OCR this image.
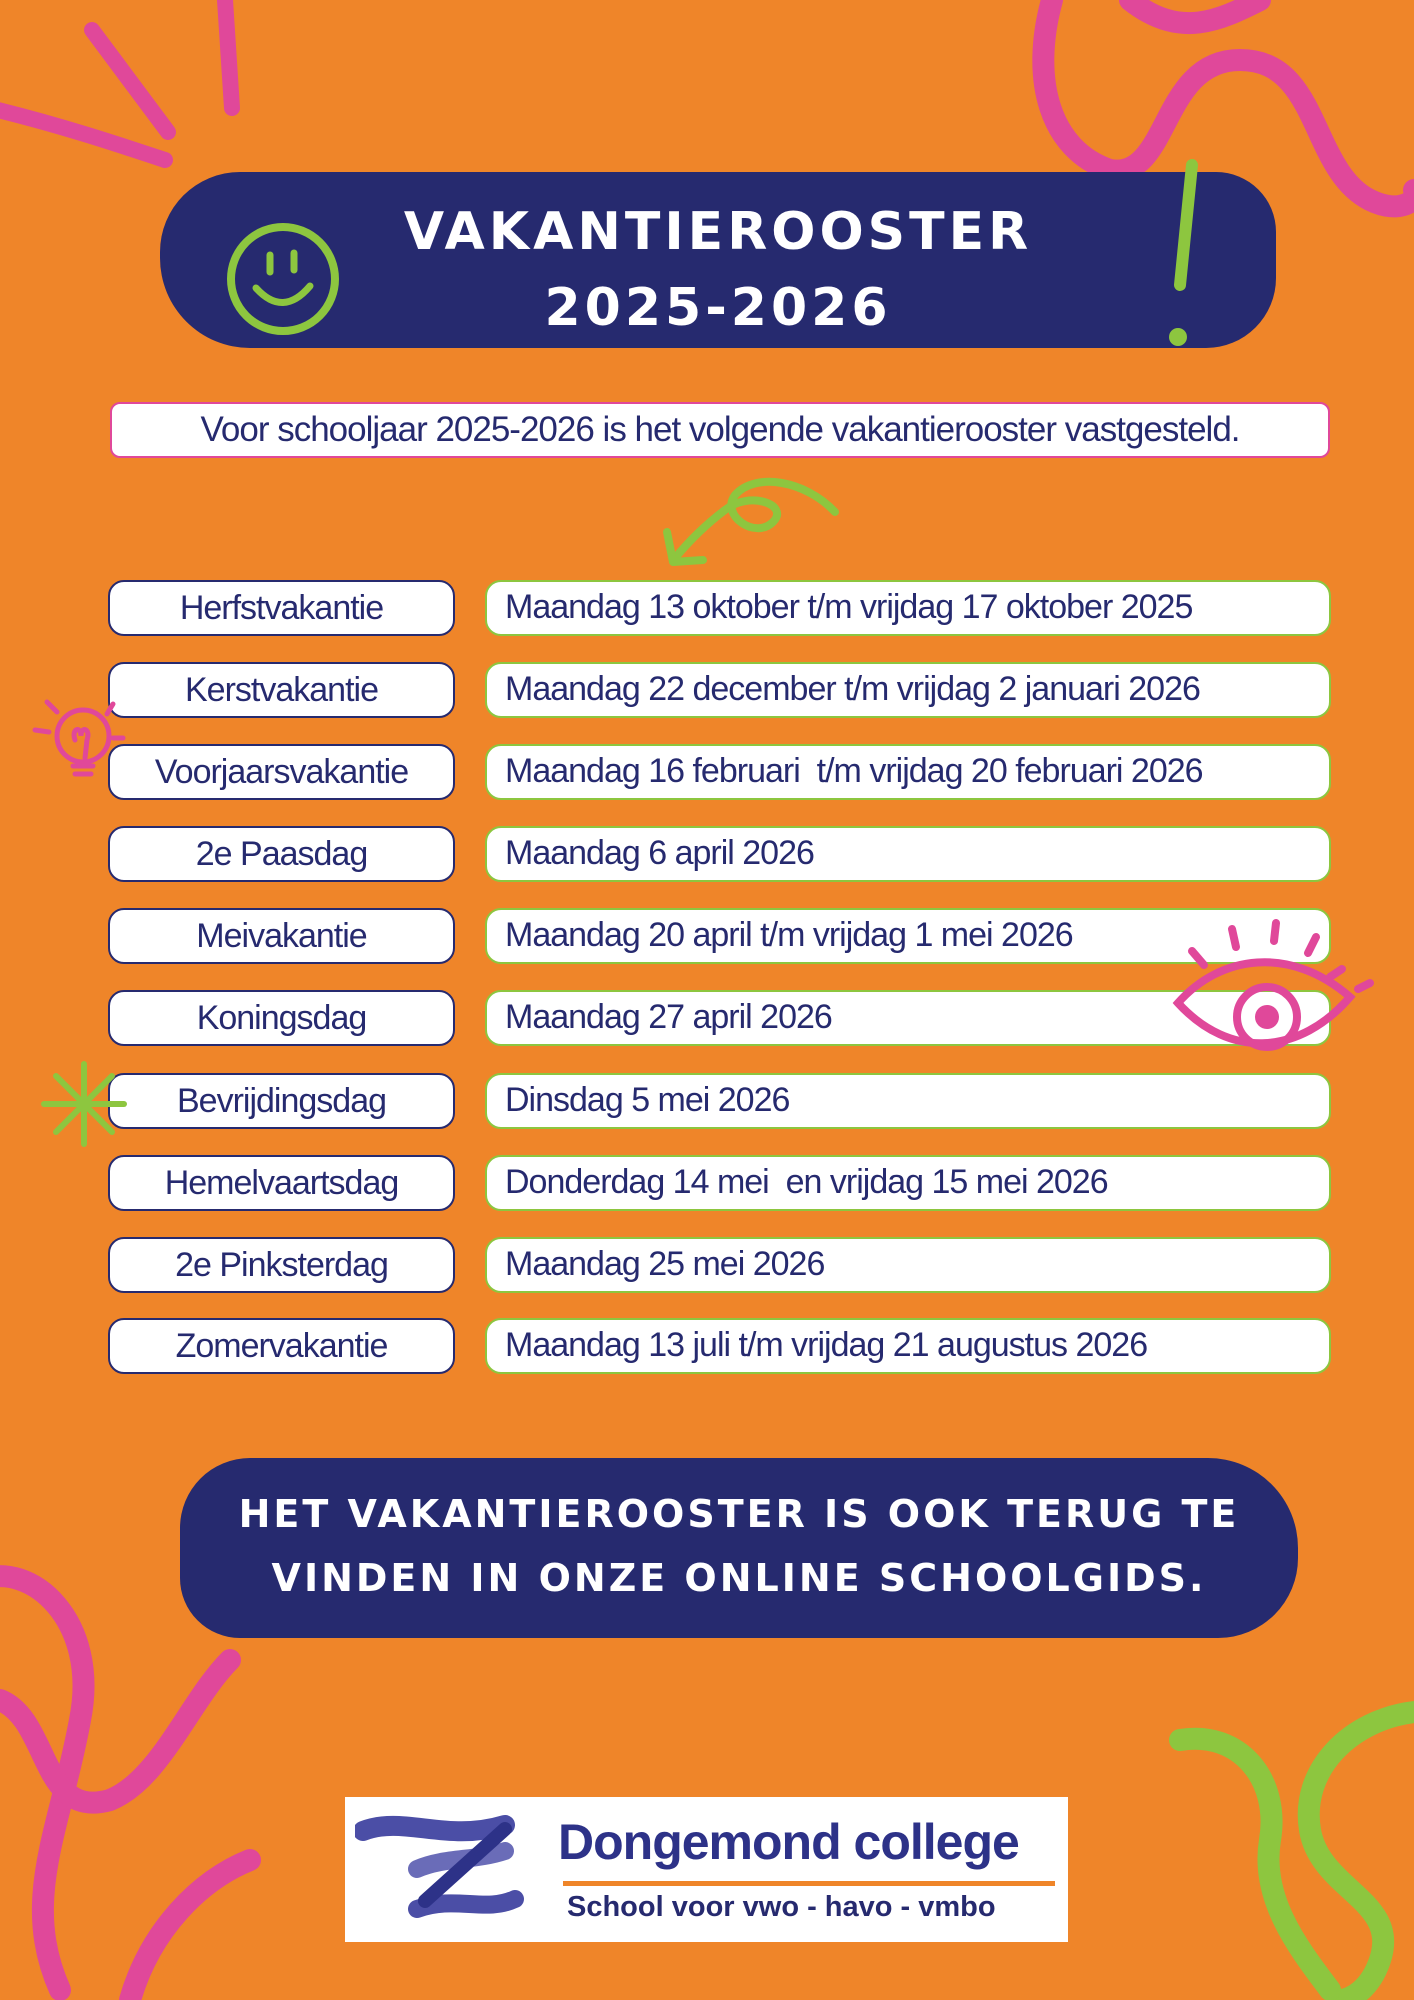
VAKANTIEROOSTER
2025-2026
Voor schooljaar 2025-2026 is het volgende vakantierooster vastgesteld.
Herfstvakantie	Maandag 13 oktober t/m vrijdag 17 oktober 2025
Kerstvakantie	Maandag 22 december t/m vrijdag 2 januari 2026
Voorjaarsvakantie	Maandag 16 februari  t/m vrijdag 20 februari 2026
2e Paasdag	Maandag 6 april 2026
Meivakantie	Maandag 20 april t/m vrijdag 1 mei 2026
Koningsdag	Maandag 27 april 2026
Bevrijdingsdag	Dinsdag 5 mei 2026
Hemelvaartsdag	Donderdag 14 mei  en vrijdag 15 mei 2026
2e Pinksterdag	Maandag 25 mei 2026
Zomervakantie	Maandag 13 juli t/m vrijdag 21 augustus 2026
HET VAKANTIEROOSTER IS OOK TERUG TE
VINDEN IN ONZE ONLINE SCHOOLGIDS.
Dongemond college
School voor vwo - havo - vmbo
